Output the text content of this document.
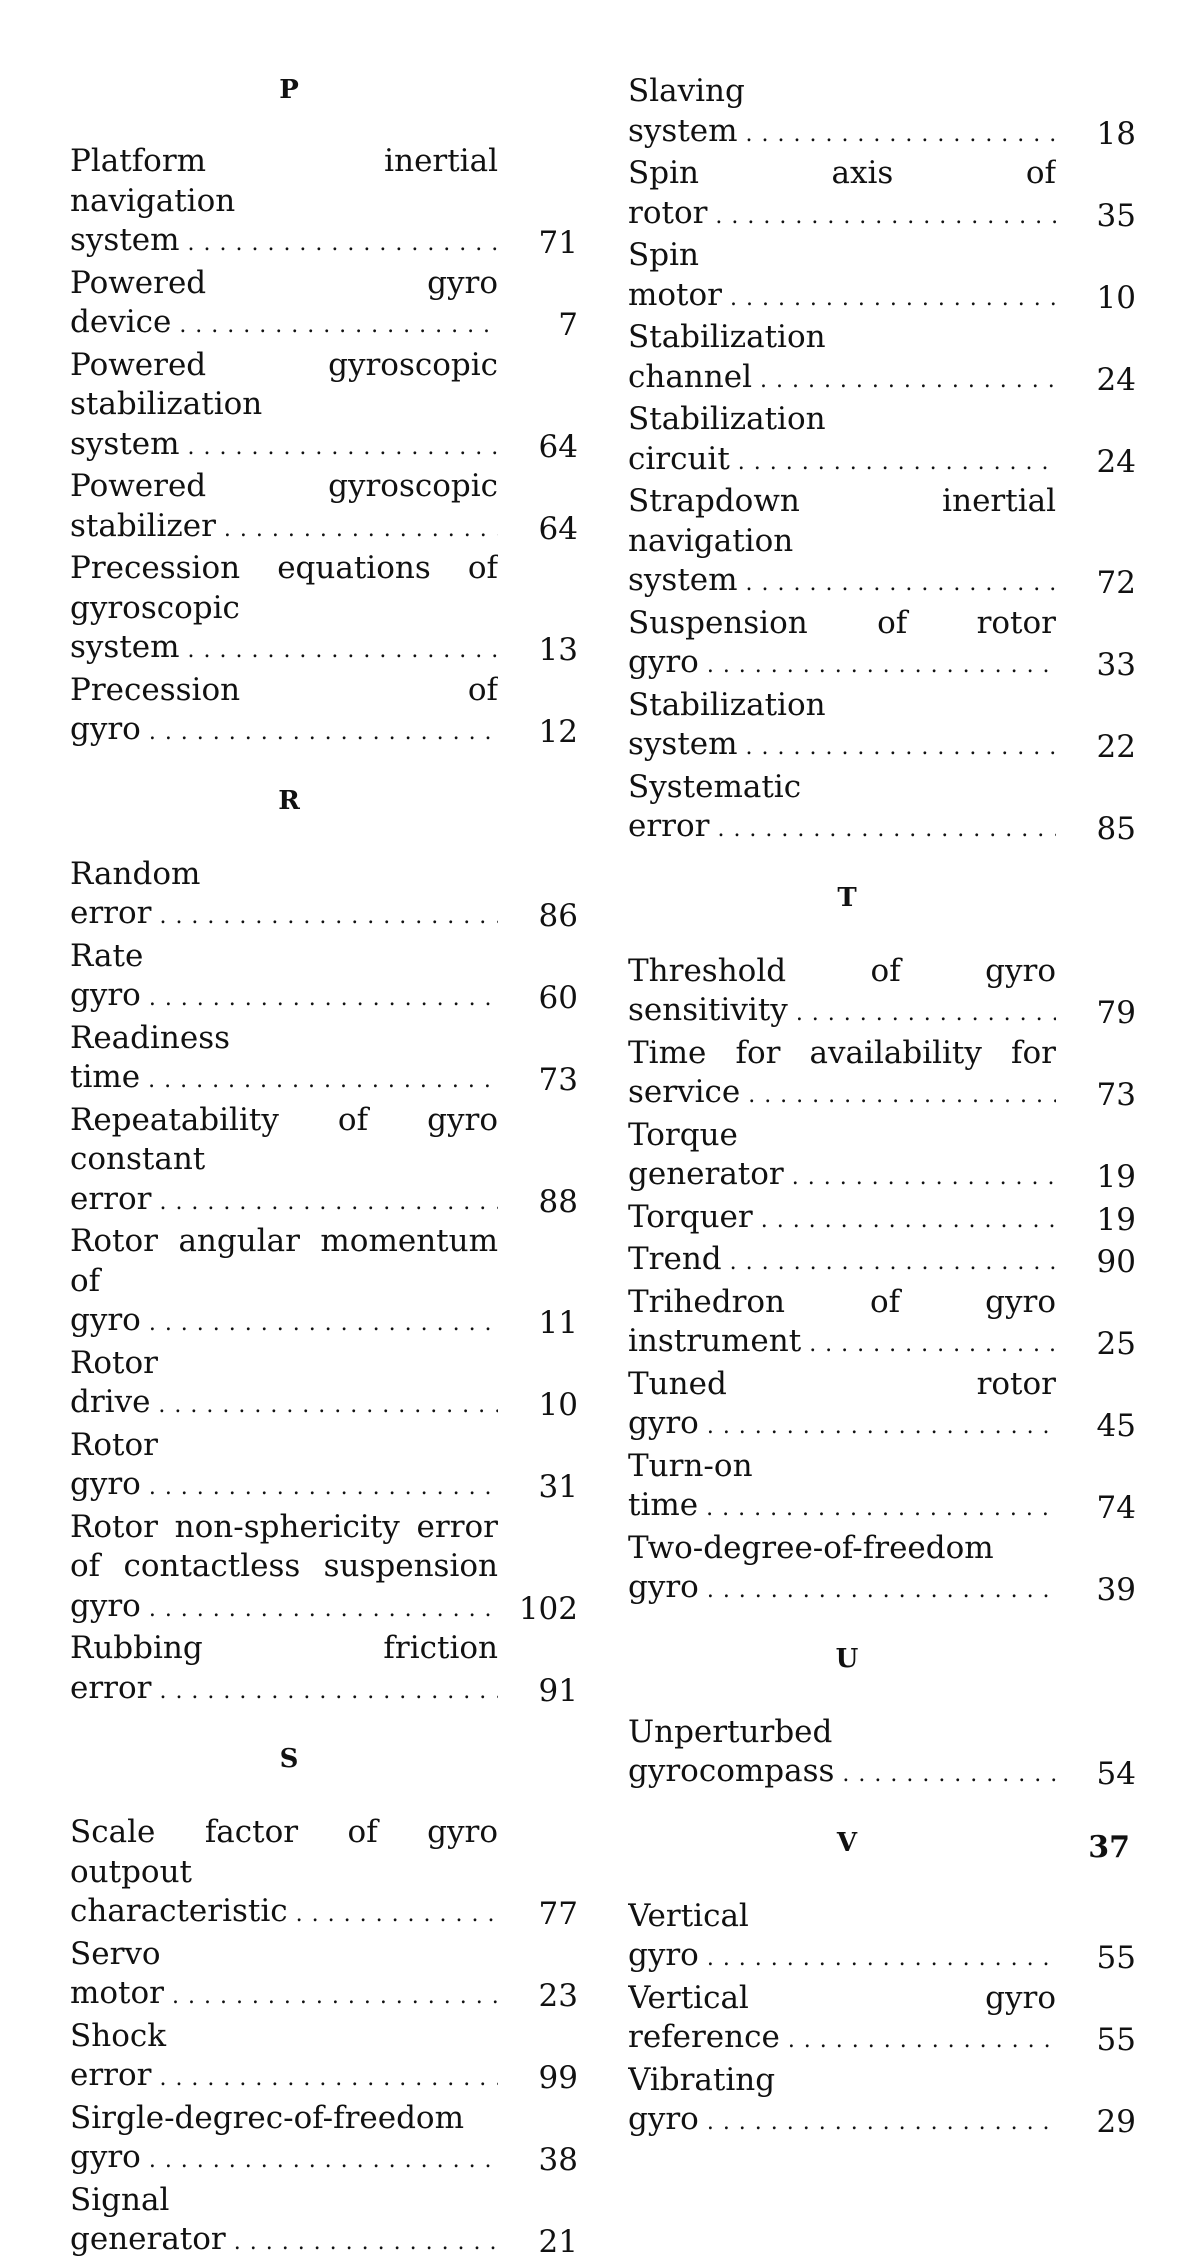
P
Platform inertial navigation system . . .	71
Powered gyro device . . .	7
Powered gyroscopic stabilization system . . .	64
Powered gyroscopic stabilizer . . .	64
Precession equations of gyroscopic system . . .	13
Precession of gyro . . .	12
R
Random error . . .	86
Rate gyro . . .	60
Readiness time . . .	73
Repeatability of gyro constant error . . .	88
Rotor angular momentum of gyro . . .	11
Rotor drive . . .	10
Rotor gyro . . .	31
Rotor non-sphericity error of contactless suspension gyro . . .	102
Rubbing friction error . . .	91
S
Scale factor of gyro outpout characteristic . . .	77
Servo motor . . .	23
Shock error . . .	99
Sirgle-degrec-of-freedom gyro . . .	38
Signal generator . . .	21
Slaving system . . .	18
Spin axis of rotor . . .	35
Spin motor . . .	10
Stabilization channel . . .	24
Stabilization circuit . . .	24
Strapdown inertial navigation system . . .	72
Suspension of rotor gyro . . .	33
Stabilization system . . .	22
Systematic error . . .	85
T
Threshold of gyro sensitivity . . .	79
Time for availability for service . . .	73
Torque generator . . .	19
Torquer . . .	19
Trend . . .	90
Trihedron of gyro instrument . . .	25
Tuned rotor gyro . . .	45
Turn-on time . . .	74
Two-degree-of-freedom gyro . . .	39
U
Unperturbed gyrocompass . . .	54
V
Vertical gyro . . .	55
Vertical gyro reference . . .	55
Vibrating gyro . . .	29
37
